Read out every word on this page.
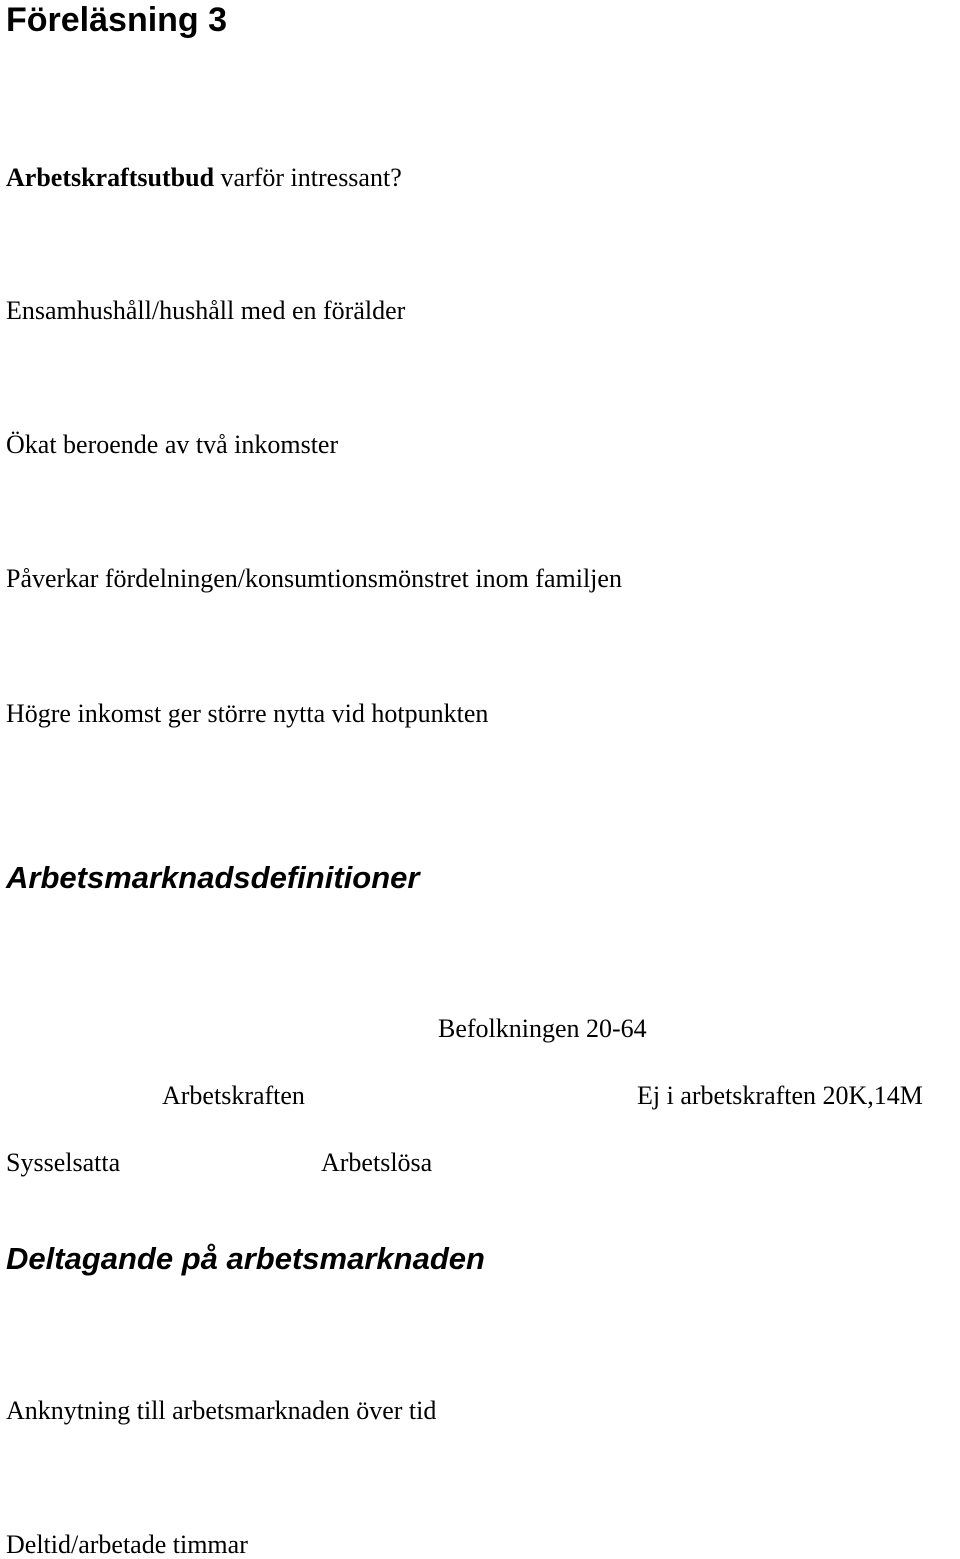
Föreläsning 3
Arbetskraftsutbud varför intressant?
Ensamhushåll/hushåll med en förälder
Ökat beroende av två inkomster
Påverkar fördelningen/konsumtionsmönstret inom familjen
Högre inkomst ger större nytta vid hotpunkten
Arbetsmarknadsdefinitioner
Befolkningen 20-64
Arbetskraften	Ej i arbetskraften 20K,14M
Sysselsatta	Arbetslösa
Deltagande på arbetsmarknaden
Anknytning till arbetsmarknaden över tid
Deltid/arbetade timmar
